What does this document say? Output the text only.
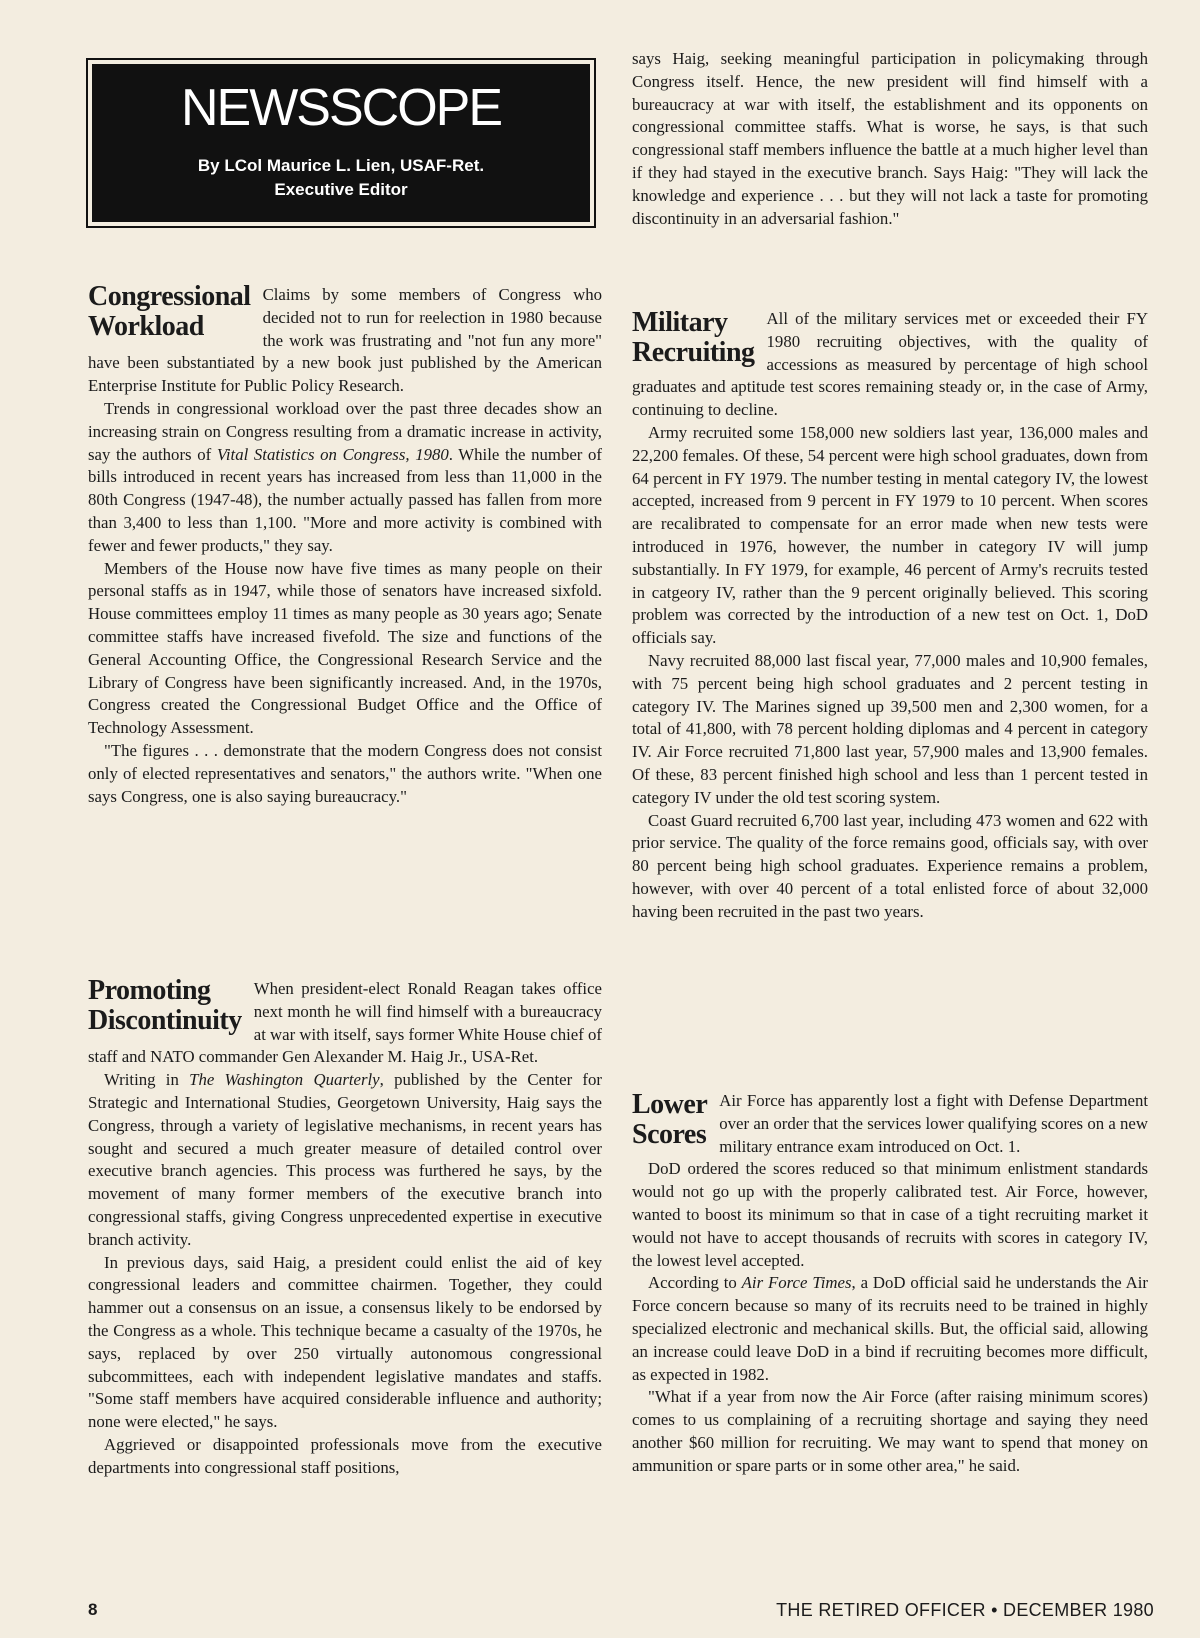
NEWSSCOPE
By LCol Maurice L. Lien, USAF-Ret.
Executive Editor
Congressional
Workload

Claims by some members of Congress who decided not to run for reelection in 1980 because the work was frustrating and "not fun any more" have been substantiated by a new book just published by the American Enterprise Institute for Public Policy Research.

Trends in congressional workload over the past three decades show an increasing strain on Congress resulting from a dramatic increase in activity, say the authors of Vital Statistics on Congress, 1980. While the number of bills introduced in recent years has increased from less than 11,000 in the 80th Congress (1947-48), the number actually passed has fallen from more than 3,400 to less than 1,100. "More and more activity is combined with fewer and fewer products," they say.

Members of the House now have five times as many people on their personal staffs as in 1947, while those of senators have increased sixfold. House committees employ 11 times as many people as 30 years ago; Senate committee staffs have increased fivefold. The size and functions of the General Accounting Office, the Congressional Research Service and the Library of Congress have been significantly increased. And, in the 1970s, Congress created the Congressional Budget Office and the Office of Technology Assessment.

"The figures . . . demonstrate that the modern Congress does not consist only of elected representatives and senators," the authors write. "When one says Congress, one is also saying bureaucracy."

Promoting
Discontinuity

When president-elect Ronald Reagan takes office next month he will find himself with a bureaucracy at war with itself, says former White House chief of staff and NATO commander Gen Alexander M. Haig Jr., USA-Ret.

Writing in The Washington Quarterly, published by the Center for Strategic and International Studies, Georgetown University, Haig says the Congress, through a variety of legislative mechanisms, in recent years has sought and secured a much greater measure of detailed control over executive branch agencies. This process was furthered he says, by the movement of many former members of the executive branch into congressional staffs, giving Congress unprecedented expertise in executive branch activity.

In previous days, said Haig, a president could enlist the aid of key congressional leaders and committee chairmen. Together, they could hammer out a consensus on an issue, a consensus likely to be endorsed by the Congress as a whole. This technique became a casualty of the 1970s, he says, replaced by over 250 virtually autonomous congressional subcommittees, each with independent legislative mandates and staffs. "Some staff members have acquired considerable influence and authority; none were elected," he says.

Aggrieved or disappointed professionals move from the executive departments into congressional staff positions,

says Haig, seeking meaningful participation in policymaking through Congress itself. Hence, the new president will find himself with a bureaucracy at war with itself, the establishment and its opponents on congressional committee staffs. What is worse, he says, is that such congressional staff members influence the battle at a much higher level than if they had stayed in the executive branch. Says Haig: "They will lack the knowledge and experience . . . but they will not lack a taste for promoting discontinuity in an adversarial fashion."

Military
Recruiting

All of the military services met or exceeded their FY 1980 recruiting objectives, with the quality of accessions as measured by percentage of high school graduates and aptitude test scores remaining steady or, in the case of Army, continuing to decline.

Army recruited some 158,000 new soldiers last year, 136,000 males and 22,200 females. Of these, 54 percent were high school graduates, down from 64 percent in FY 1979. The number testing in mental category IV, the lowest accepted, increased from 9 percent in FY 1979 to 10 percent. When scores are recalibrated to compensate for an error made when new tests were introduced in 1976, however, the number in category IV will jump substantially. In FY 1979, for example, 46 percent of Army's recruits tested in catgeory IV, rather than the 9 percent originally believed. This scoring problem was corrected by the introduction of a new test on Oct. 1, DoD officials say.

Navy recruited 88,000 last fiscal year, 77,000 males and 10,900 females, with 75 percent being high school graduates and 2 percent testing in category IV. The Marines signed up 39,500 men and 2,300 women, for a total of 41,800, with 78 percent holding diplomas and 4 percent in category IV. Air Force recruited 71,800 last year, 57,900 males and 13,900 females. Of these, 83 percent finished high school and less than 1 percent tested in category IV under the old test scoring system.

Coast Guard recruited 6,700 last year, including 473 women and 622 with prior service. The quality of the force remains good, officials say, with over 80 percent being high school graduates. Experience remains a problem, however, with over 40 percent of a total enlisted force of about 32,000 having been recruited in the past two years.

Lower
Scores

Air Force has apparently lost a fight with Defense Department over an order that the services lower qualifying scores on a new military entrance exam introduced on Oct. 1.

DoD ordered the scores reduced so that minimum enlistment standards would not go up with the properly calibrated test. Air Force, however, wanted to boost its minimum so that in case of a tight recruiting market it would not have to accept thousands of recruits with scores in category IV, the lowest level accepted.

According to Air Force Times, a DoD official said he understands the Air Force concern because so many of its recruits need to be trained in highly specialized electronic and mechanical skills. But, the official said, allowing an increase could leave DoD in a bind if recruiting becomes more difficult, as expected in 1982.

"What if a year from now the Air Force (after raising minimum scores) comes to us complaining of a recruiting shortage and saying they need another $60 million for recruiting. We may want to spend that money on ammunition or spare parts or in some other area," he said.

8	THE RETIRED OFFICER • DECEMBER 1980
